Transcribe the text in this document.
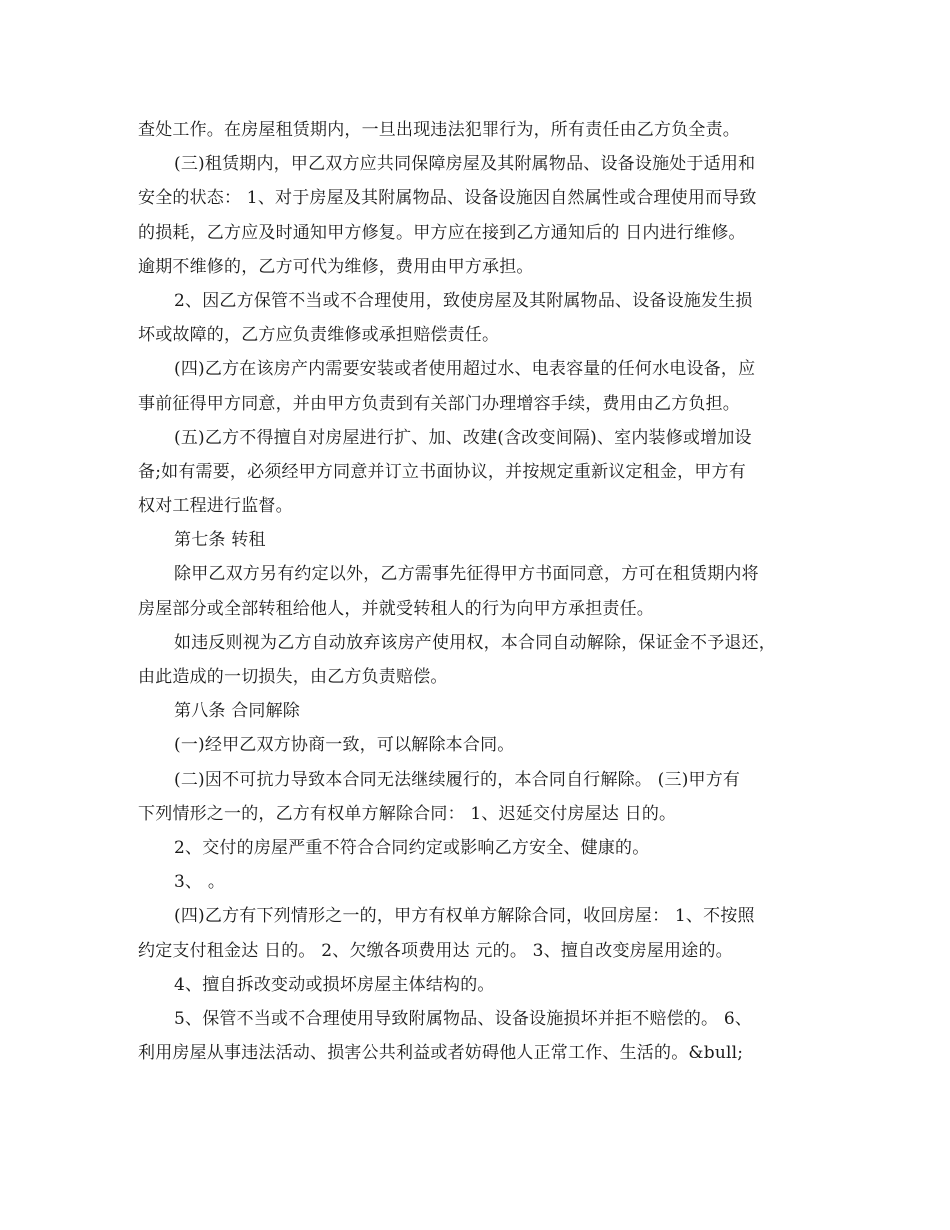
查处工作。在房屋租赁期内，一旦出现违法犯罪行为，所有责任由乙方负全责。
(三)租赁期内，甲乙双方应共同保障房屋及其附属物品、设备设施处于适用和
安全的状态： 1、对于房屋及其附属物品、设备设施因自然属性或合理使用而导致
的损耗，乙方应及时通知甲方修复。甲方应在接到乙方通知后的 日内进行维修。
逾期不维修的，乙方可代为维修，费用由甲方承担。
2、因乙方保管不当或不合理使用，致使房屋及其附属物品、设备设施发生损
坏或故障的，乙方应负责维修或承担赔偿责任。
(四)乙方在该房产内需要安装或者使用超过水、电表容量的任何水电设备，应
事前征得甲方同意，并由甲方负责到有关部门办理增容手续，费用由乙方负担。
(五)乙方不得擅自对房屋进行扩、加、改建(含改变间隔)、室内装修或增加设
备;如有需要，必须经甲方同意并订立书面协议，并按规定重新议定租金，甲方有
权对工程进行监督。
第七条 转租
除甲乙双方另有约定以外，乙方需事先征得甲方书面同意，方可在租赁期内将
房屋部分或全部转租给他人，并就受转租人的行为向甲方承担责任。
如违反则视为乙方自动放弃该房产使用权，本合同自动解除，保证金不予退还，
由此造成的一切损失，由乙方负责赔偿。
第八条 合同解除
(一)经甲乙双方协商一致，可以解除本合同。
(二)因不可抗力导致本合同无法继续履行的，本合同自行解除。 (三)甲方有
下列情形之一的，乙方有权单方解除合同： 1、迟延交付房屋达 日的。
2、交付的房屋严重不符合合同约定或影响乙方安全、健康的。
3、 。
(四)乙方有下列情形之一的，甲方有权单方解除合同，收回房屋： 1、不按照
约定支付租金达 日的。 2、欠缴各项费用达 元的。 3、擅自改变房屋用途的。
4、擅自拆改变动或损坏房屋主体结构的。
5、保管不当或不合理使用导致附属物品、设备设施损坏并拒不赔偿的。 6、
利用房屋从事违法活动、损害公共利益或者妨碍他人正常工作、生活的。&bull;
